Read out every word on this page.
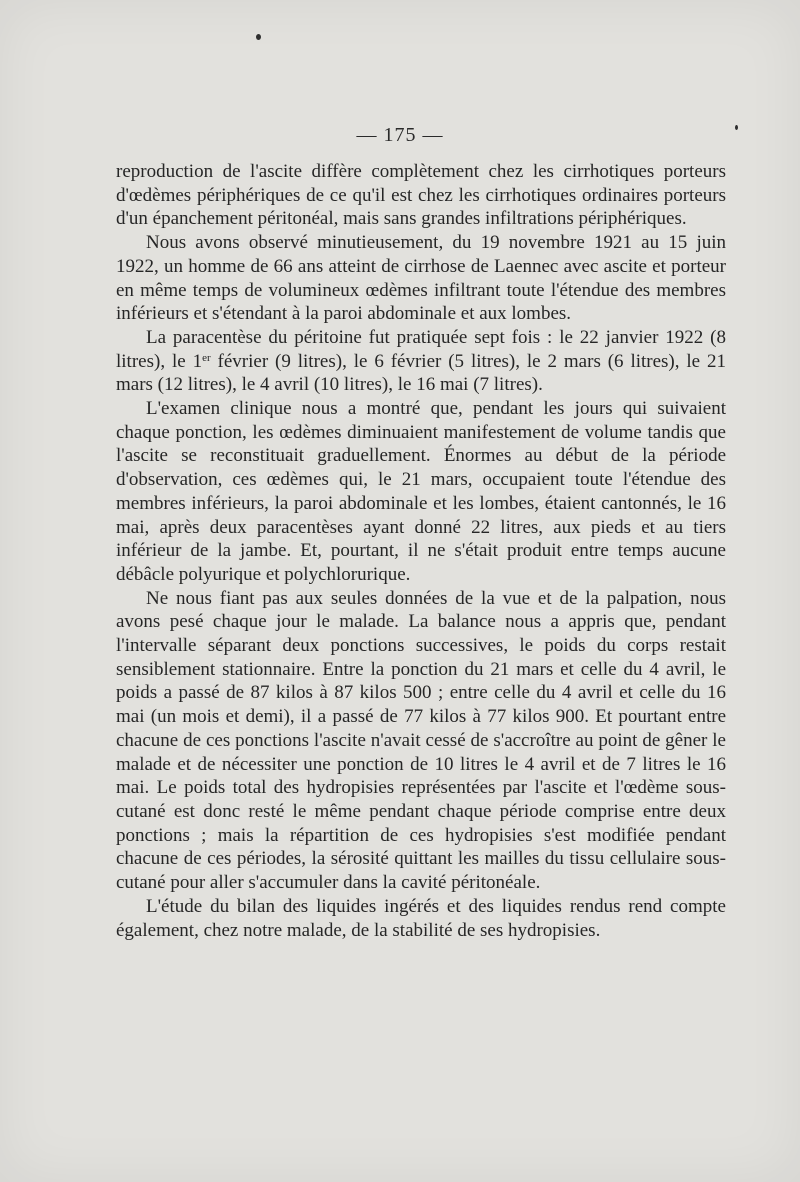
— 175 —

reproduction de l'ascite diffère complètement chez les cirrhotiques porteurs d'œdèmes périphériques de ce qu'il est chez les cirrhotiques ordinaires porteurs d'un épanchement péritonéal, mais sans grandes infiltrations périphériques.

Nous avons observé minutieusement, du 19 novembre 1921 au 15 juin 1922, un homme de 66 ans atteint de cirrhose de Laennec avec ascite et porteur en même temps de volumineux œdèmes infiltrant toute l'étendue des membres inférieurs et s'étendant à la paroi abdominale et aux lombes.

La paracentèse du péritoine fut pratiquée sept fois : le 22 janvier 1922 (8 litres), le 1er février (9 litres), le 6 février (5 litres), le 2 mars (6 litres), le 21 mars (12 litres), le 4 avril (10 litres), le 16 mai (7 litres).

L'examen clinique nous a montré que, pendant les jours qui suivaient chaque ponction, les œdèmes diminuaient manifestement de volume tandis que l'ascite se reconstituait graduellement. Énormes au début de la période d'observation, ces œdèmes qui, le 21 mars, occupaient toute l'étendue des membres inférieurs, la paroi abdominale et les lombes, étaient cantonnés, le 16 mai, après deux paracentèses ayant donné 22 litres, aux pieds et au tiers inférieur de la jambe. Et, pourtant, il ne s'était produit entre temps aucune débâcle polyurique et polychlorurique.

Ne nous fiant pas aux seules données de la vue et de la palpation, nous avons pesé chaque jour le malade. La balance nous a appris que, pendant l'intervalle séparant deux ponctions successives, le poids du corps restait sensiblement stationnaire. Entre la ponction du 21 mars et celle du 4 avril, le poids a passé de 87 kilos à 87 kilos 500 ; entre celle du 4 avril et celle du 16 mai (un mois et demi), il a passé de 77 kilos à 77 kilos 900. Et pourtant entre chacune de ces ponctions l'ascite n'avait cessé de s'accroître au point de gêner le malade et de nécessiter une ponction de 10 litres le 4 avril et de 7 litres le 16 mai. Le poids total des hydropisies représentées par l'ascite et l'œdème sous-cutané est donc resté le même pendant chaque période comprise entre deux ponctions ; mais la répartition de ces hydropisies s'est modifiée pendant chacune de ces périodes, la sérosité quittant les mailles du tissu cellulaire sous-cutané pour aller s'accumuler dans la cavité péritonéale.

L'étude du bilan des liquides ingérés et des liquides rendus rend compte également, chez notre malade, de la stabilité de ses hydropisies.
